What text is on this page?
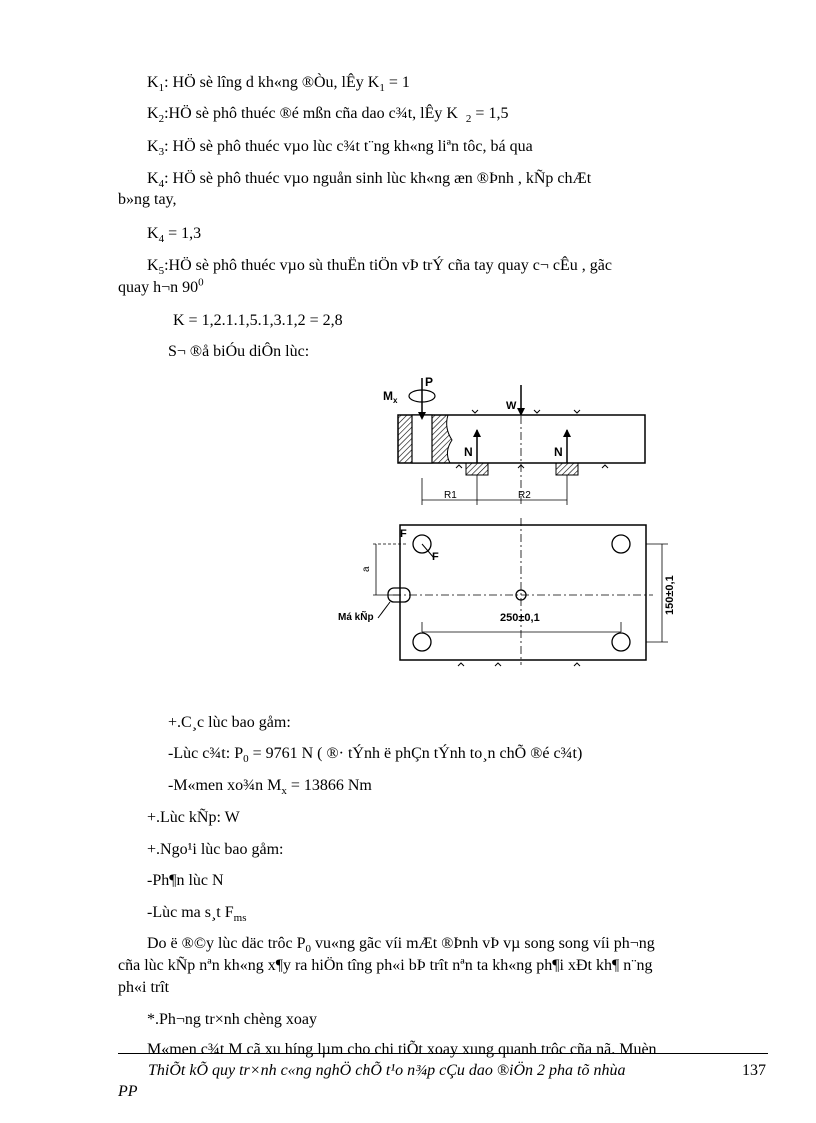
$K_1$: HÖ sè lîng d kh«ng ®Òu, lÊy $K_1 = 1$
$K_2:HÖ$ sè phô thuéc ®é mßn cña dao c¾t, lÊy K $_2$ = 1,5
$K_3$: HÖ sè phô thuéc vµo lùc c¾t t¨ng kh«ng liªn tôc, bá qua
$K_4$: HÖ sè phô thuéc vµo nguån sinh lùc kh«ng æn ®Þnh , kÑp chÆt
b»ng tay,
$K_4 = 1,3$
$K_5:HÖ$ sè phô thuéc vµo sù thuËn tiÖn vÞ trÝ cña tay quay c¬ cÊu , gãc
quay h¬n $90^0$
K = 1,2.1.1,5.1,3.1,2 = 2,8
S¬ ®å biÓu diÔn lùc:
$M_x$
P
W
N	N
R1	R2
250±0,1
150±0,1
F
F
a
Má kÑp
+.C¸c lùc bao gåm:
-Lùc c¾t: $P_0 = 9761$ N ( ®· tÝnh ë phÇn tÝnh to¸n chÕ ®é c¾t)
-M«men xo¾n $M_x = 13866$ Nm
+.Lùc kÑp: W
+.Ngo¹i lùc bao gåm:
-Ph¶n lùc N
-Lùc ma s¸t $F_{ms}$
Do ë ®©y lùc däc trôc $P_0$ vu«ng gãc víi mÆt ®Þnh vÞ vµ song song víi ph¬ng
cña lùc kÑp nªn kh«ng x¶y ra hiÖn tîng ph«i bÞ trît nªn ta kh«ng ph¶i xÐt kh¶ n¨ng
ph«i trît
*.Ph¬ng tr×nh chèng xoay
M«men c¾t M cã xu híng lµm cho chi tiÕt xoay xung quanh trôc cña nã. Muèn
ThiÕt kÕ quy tr×nh c«ng nghÖ chÕ t¹o n¾p cÇu dao ®iÖn 2 pha tõ nhùa
PP
137
